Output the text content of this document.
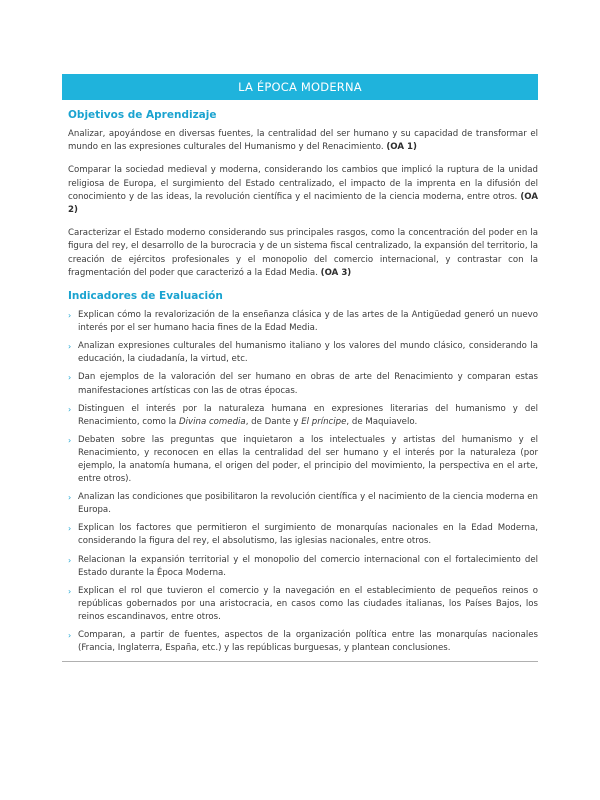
LA ÉPOCA MODERNA
Objetivos de Aprendizaje

Analizar, apoyándose en diversas fuentes, la centralidad del ser humano y su capacidad de transformar el mundo en las expresiones culturales del Humanismo y del Renacimiento. (OA 1)

Comparar la sociedad medieval y moderna, considerando los cambios que implicó la ruptura de la unidad religiosa de Europa, el surgimiento del Estado centralizado, el impacto de la imprenta en la difusión del conocimiento y de las ideas, la revolución científica y el nacimiento de la ciencia moderna, entre otros. (OA 2)

Caracterizar el Estado moderno considerando sus principales rasgos, como la concentración del poder en la figura del rey, el desarrollo de la burocracia y de un sistema fiscal centralizado, la expansión del territorio, la creación de ejércitos profesionales y el monopolio del comercio internacional, y contrastar con la fragmentación del poder que caracterizó a la Edad Media. (OA 3)

Indicadores de Evaluación
› Explican cómo la revalorización de la enseñanza clásica y de las artes de la Antigüedad generó un nuevo interés por el ser humano hacia fines de la Edad Media.
› Analizan expresiones culturales del humanismo italiano y los valores del mundo clásico, considerando la educación, la ciudadanía, la virtud, etc.
› Dan ejemplos de la valoración del ser humano en obras de arte del Renacimiento y comparan estas manifestaciones artísticas con las de otras épocas.
› Distinguen el interés por la naturaleza humana en expresiones literarias del humanismo y del Renacimiento, como la Divina comedia, de Dante y El príncipe, de Maquiavelo.
› Debaten sobre las preguntas que inquietaron a los intelectuales y artistas del humanismo y el Renacimiento, y reconocen en ellas la centralidad del ser humano y el interés por la naturaleza (por ejemplo, la anatomía humana, el origen del poder, el principio del movimiento, la perspectiva en el arte, entre otros).
› Analizan las condiciones que posibilitaron la revolución científica y el nacimiento de la ciencia moderna en Europa.
› Explican los factores que permitieron el surgimiento de monarquías nacionales en la Edad Moderna, considerando la figura del rey, el absolutismo, las iglesias nacionales, entre otros.
› Relacionan la expansión territorial y el monopolio del comercio internacional con el fortalecimiento del Estado durante la Época Moderna.
› Explican el rol que tuvieron el comercio y la navegación en el establecimiento de pequeños reinos o repúblicas gobernados por una aristocracia, en casos como las ciudades italianas, los Países Bajos, los reinos escandinavos, entre otros.
› Comparan, a partir de fuentes, aspectos de la organización política entre las monarquías nacionales (Francia, Inglaterra, España, etc.) y las repúblicas burguesas, y plantean conclusiones.
